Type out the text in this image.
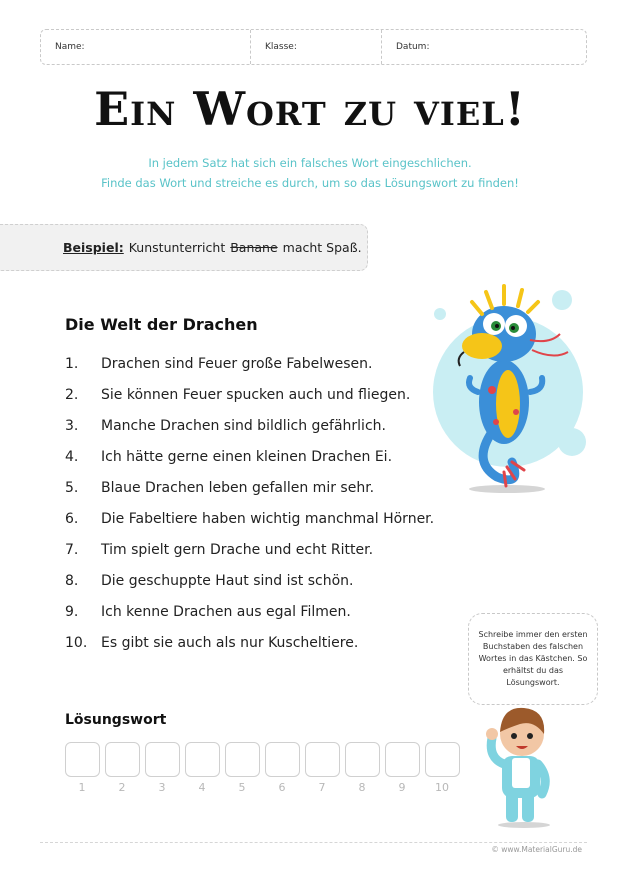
Name:	Klasse:	Datum:
Ein Wort zu viel!
In jedem Satz hat sich ein falsches Wort eingeschlichen.
Finde das Wort und streiche es durch, um so das Lösungswort zu finden!
Beispiel: Kunstunterricht Banane macht Spaß.
Die Welt der Drachen
1.	Drachen sind Feuer große Fabelwesen.
2.	Sie können Feuer spucken auch und fliegen.
3.	Manche Drachen sind bildlich gefährlich.
4.	Ich hätte gerne einen kleinen Drachen Ei.
5.	Blaue Drachen leben gefallen mir sehr.
6.	Die Fabeltiere haben wichtig manchmal Hörner.
7.	Tim spielt gern Drache und echt Ritter.
8.	Die geschuppte Haut sind ist schön.
9.	Ich kenne Drachen aus egal Filmen.
10. Es gibt sie auch als nur Kuscheltiere.
Lösungswort
1	2	3	4	5	6	7	8	9	10
Schreibe immer den ersten Buchstaben des falschen Wortes in das Kästchen. So erhältst du das Lösungswort.
© www.MaterialGuru.de
